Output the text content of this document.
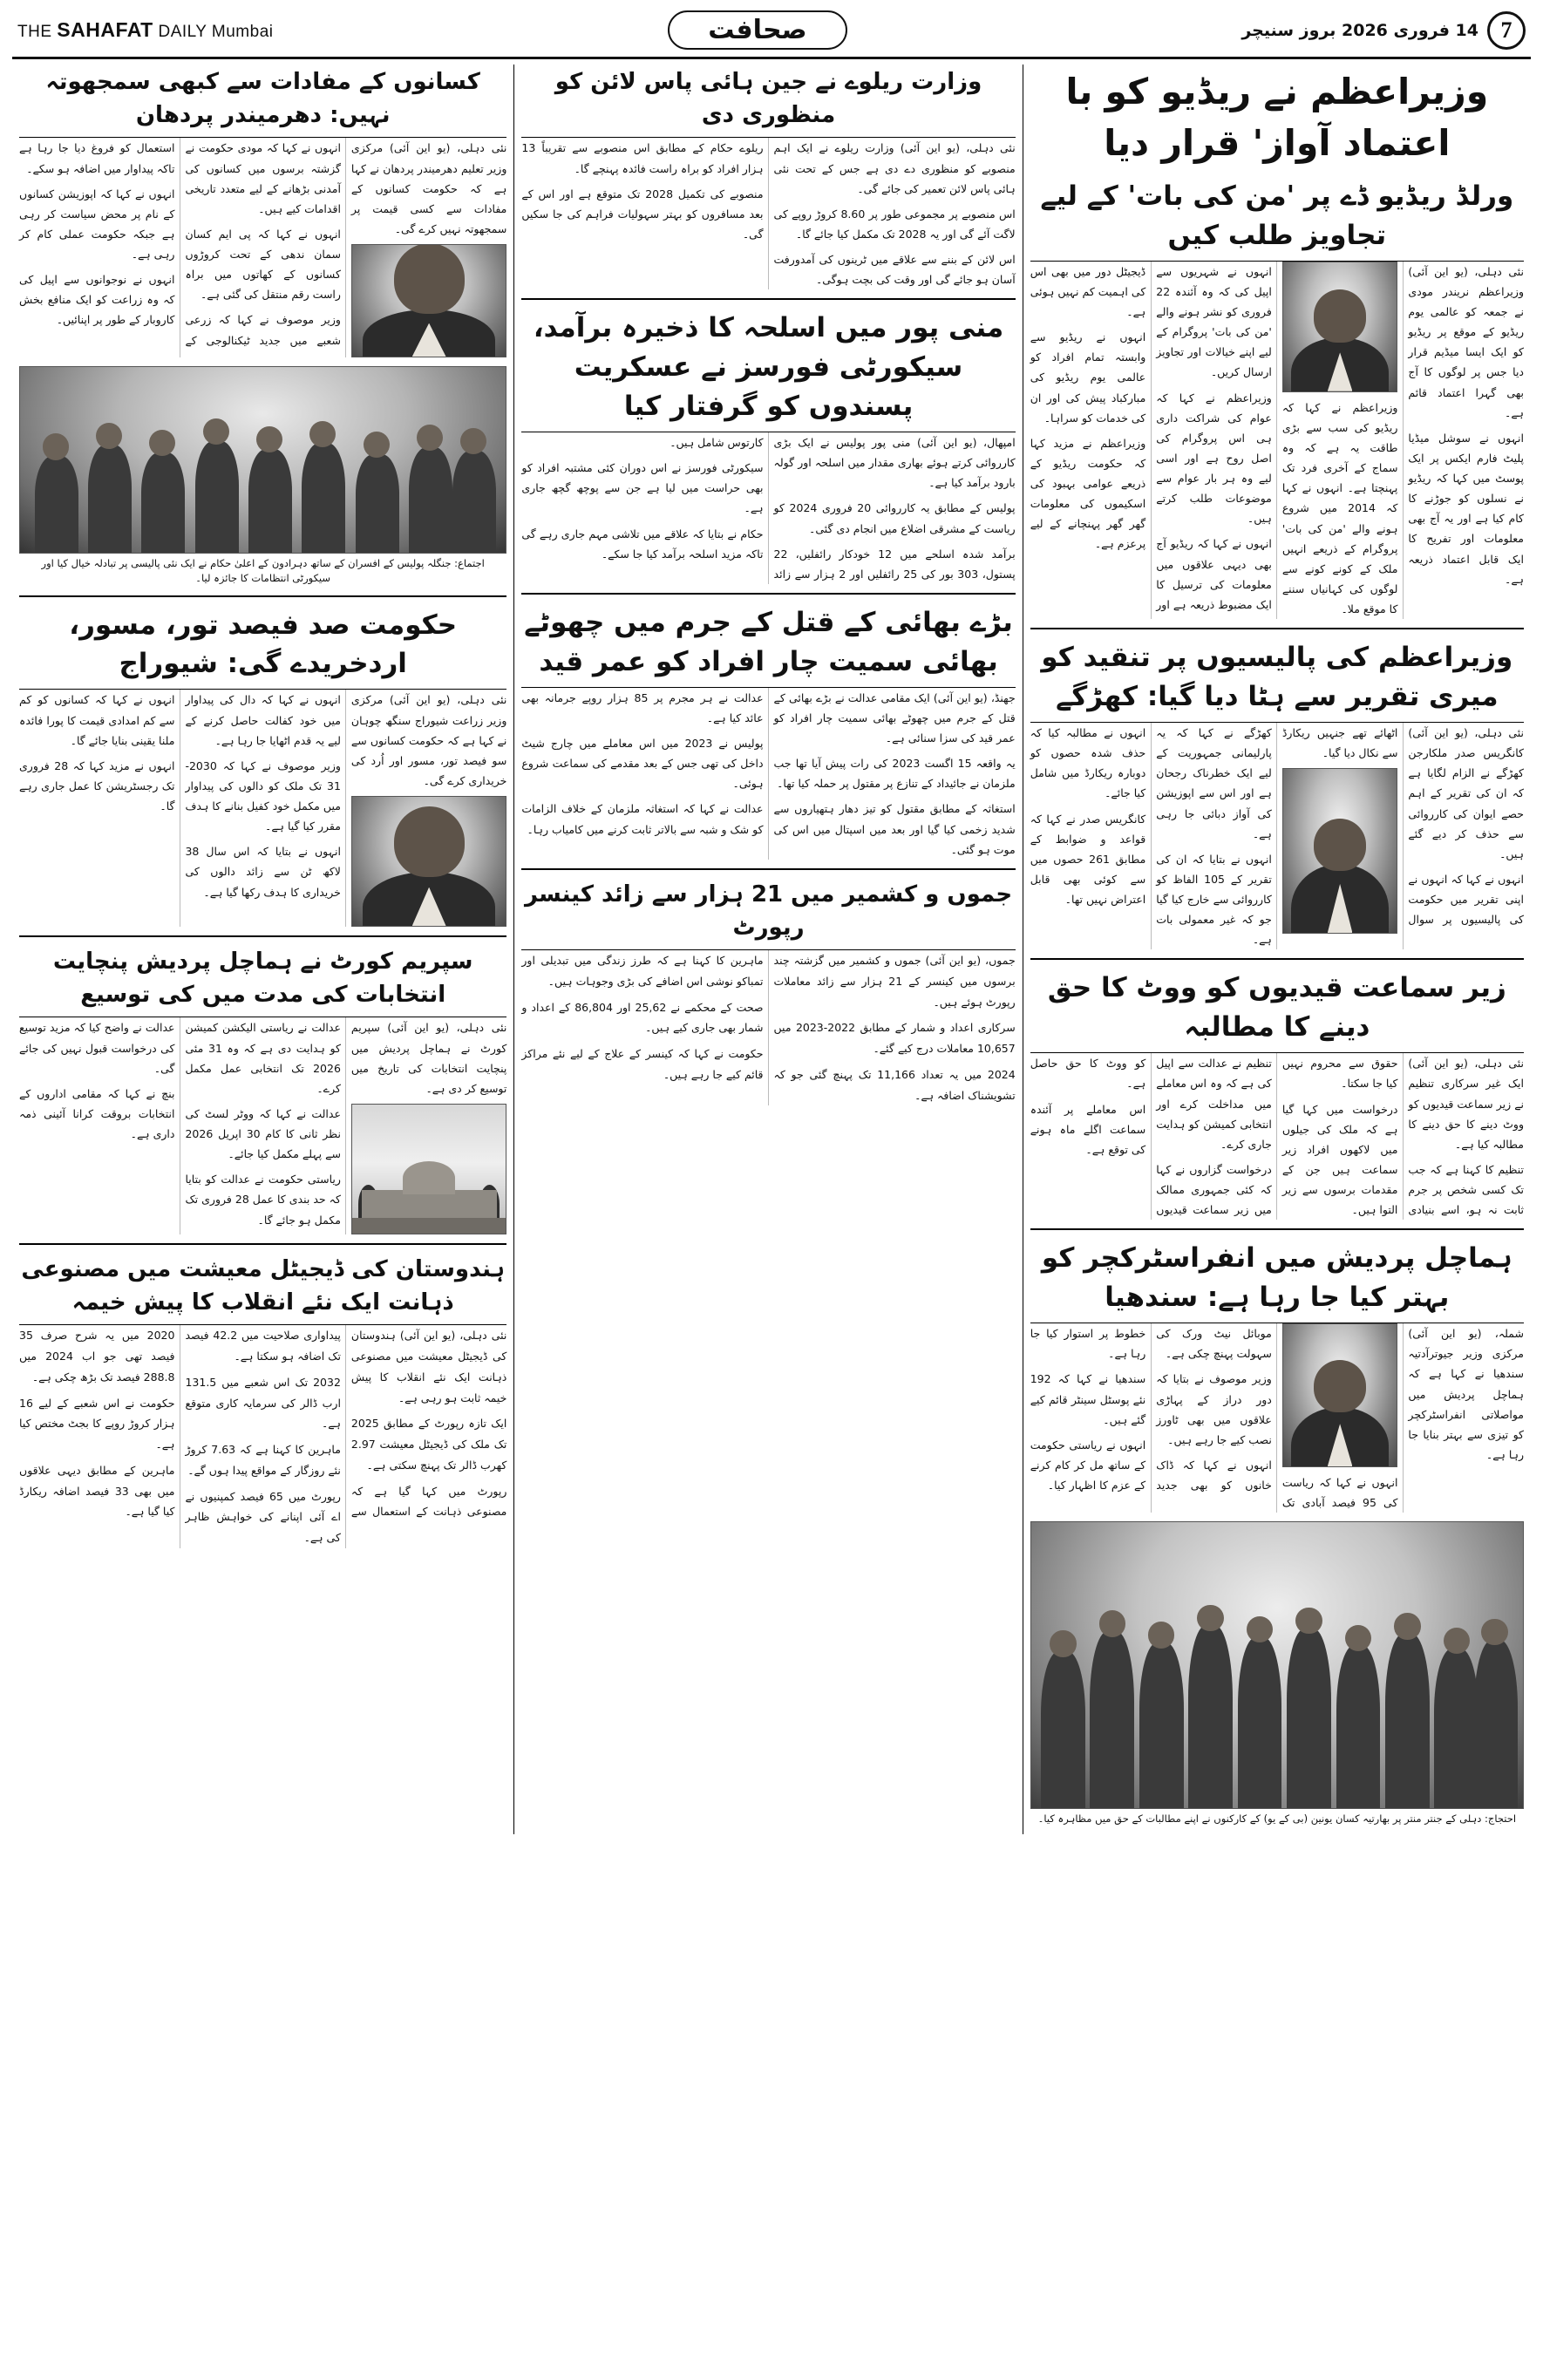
7
14 فروری 2026 بروز سنیچر
صحافت
THE SAHAFAT DAILY Mumbai
وزیراعظم نے ریڈیو کو با اعتماد آواز' قرار دیا
ورلڈ ریڈیو ڈے پر 'من کی بات' کے لیے تجاویز طلب کیں

نئی دہلی، (یو این آئی) وزیراعظم نریندر مودی نے جمعہ کو عالمی یوم ریڈیو کے موقع پر ریڈیو کو ایک ایسا میڈیم قرار دیا جس پر لوگوں کا آج بھی گہرا اعتماد قائم ہے۔

انہوں نے سوشل میڈیا پلیٹ فارم ایکس پر ایک پوسٹ میں کہا کہ ریڈیو نے نسلوں کو جوڑنے کا کام کیا ہے اور یہ آج بھی معلومات اور تفریح کا ایک قابل اعتماد ذریعہ ہے۔

وزیراعظم نے کہا کہ ریڈیو کی سب سے بڑی طاقت یہ ہے کہ وہ سماج کے آخری فرد تک پہنچتا ہے۔ انہوں نے کہا کہ 2014 میں شروع ہونے والے 'من کی بات' پروگرام کے ذریعے انہیں ملک کے کونے کونے سے لوگوں کی کہانیاں سننے کا موقع ملا۔

انہوں نے شہریوں سے اپیل کی کہ وہ آئندہ 22 فروری کو نشر ہونے والے 'من کی بات' پروگرام کے لیے اپنے خیالات اور تجاویز ارسال کریں۔

وزیراعظم نے کہا کہ عوام کی شراکت داری ہی اس پروگرام کی اصل روح ہے اور اسی لیے وہ ہر بار عوام سے موضوعات طلب کرتے ہیں۔

انہوں نے کہا کہ ریڈیو آج بھی دیہی علاقوں میں معلومات کی ترسیل کا ایک مضبوط ذریعہ ہے اور ڈیجیٹل دور میں بھی اس کی اہمیت کم نہیں ہوئی ہے۔

انہوں نے ریڈیو سے وابستہ تمام افراد کو عالمی یوم ریڈیو کی مبارکباد پیش کی اور ان کی خدمات کو سراہا۔

وزیراعظم نے مزید کہا کہ حکومت ریڈیو کے ذریعے عوامی بہبود کی اسکیموں کی معلومات گھر گھر پہنچانے کے لیے پرعزم ہے۔

وزیراعظم کی پالیسیوں پر تنقید کو میری تقریر سے ہٹا دیا گیا: کھڑگے

نئی دہلی، (یو این آئی) کانگریس صدر ملکارجن کھڑگے نے الزام لگایا ہے کہ ان کی تقریر کے اہم حصے ایوان کی کارروائی سے حذف کر دیے گئے ہیں۔

انہوں نے کہا کہ انہوں نے اپنی تقریر میں حکومت کی پالیسیوں پر سوال اٹھائے تھے جنہیں ریکارڈ سے نکال دیا گیا۔

کھڑگے نے کہا کہ یہ پارلیمانی جمہوریت کے لیے ایک خطرناک رجحان ہے اور اس سے اپوزیشن کی آواز دبائی جا رہی ہے۔

انہوں نے بتایا کہ ان کی تقریر کے 105 الفاظ کو کارروائی سے خارج کیا گیا جو کہ غیر معمولی بات ہے۔

انہوں نے مطالبہ کیا کہ حذف شدہ حصوں کو دوبارہ ریکارڈ میں شامل کیا جائے۔

کانگریس صدر نے کہا کہ قواعد و ضوابط کے مطابق 261 حصوں میں سے کوئی بھی قابل اعتراض نہیں تھا۔

زیر سماعت قیدیوں کو ووٹ کا حق دینے کا مطالبہ

نئی دہلی، (یو این آئی) ایک غیر سرکاری تنظیم نے زیر سماعت قیدیوں کو ووٹ دینے کا حق دینے کا مطالبہ کیا ہے۔

تنظیم کا کہنا ہے کہ جب تک کسی شخص پر جرم ثابت نہ ہو، اسے بنیادی حقوق سے محروم نہیں کیا جا سکتا۔

درخواست میں کہا گیا ہے کہ ملک کی جیلوں میں لاکھوں افراد زیر سماعت ہیں جن کے مقدمات برسوں سے زیر التوا ہیں۔

تنظیم نے عدالت سے اپیل کی ہے کہ وہ اس معاملے میں مداخلت کرے اور انتخابی کمیشن کو ہدایت جاری کرے۔

درخواست گزاروں نے کہا کہ کئی جمہوری ممالک میں زیر سماعت قیدیوں کو ووٹ کا حق حاصل ہے۔

اس معاملے پر آئندہ سماعت اگلے ماہ ہونے کی توقع ہے۔

ہماچل پردیش میں انفراسٹرکچر کو بہتر کیا جا رہا ہے: سندھیا

شملہ، (یو این آئی) مرکزی وزیر جیوترآدتیہ سندھیا نے کہا ہے کہ ہماچل پردیش میں مواصلاتی انفراسٹرکچر کو تیزی سے بہتر بنایا جا رہا ہے۔

انہوں نے کہا کہ ریاست کی 95 فیصد آبادی تک موبائل نیٹ ورک کی سہولت پہنچ چکی ہے۔

وزیر موصوف نے بتایا کہ دور دراز کے پہاڑی علاقوں میں بھی ٹاورز نصب کیے جا رہے ہیں۔

انہوں نے کہا کہ ڈاک خانوں کو بھی جدید خطوط پر استوار کیا جا رہا ہے۔

سندھیا نے کہا کہ 192 نئے پوسٹل سینٹر قائم کیے گئے ہیں۔

انہوں نے ریاستی حکومت کے ساتھ مل کر کام کرنے کے عزم کا اظہار کیا۔

احتجاج: دہلی کے جنتر منتر پر بھارتیہ کسان یونین (بی کے یو) کے کارکنوں نے اپنے مطالبات کے حق میں مظاہرہ کیا۔
وزارت ریلوے نے جین ہائی پاس لائن کو منظوری دی

نئی دہلی، (یو این آئی) وزارت ریلوے نے ایک اہم منصوبے کو منظوری دے دی ہے جس کے تحت نئی ہائی پاس لائن تعمیر کی جائے گی۔

اس منصوبے پر مجموعی طور پر 8.60 کروڑ روپے کی لاگت آئے گی اور یہ 2028 تک مکمل کیا جائے گا۔

اس لائن کے بننے سے علاقے میں ٹرینوں کی آمدورفت آسان ہو جائے گی اور وقت کی بچت ہوگی۔

ریلوے حکام کے مطابق اس منصوبے سے تقریباً 13 ہزار افراد کو براہ راست فائدہ پہنچے گا۔

منصوبے کی تکمیل 2028 تک متوقع ہے اور اس کے بعد مسافروں کو بہتر سہولیات فراہم کی جا سکیں گی۔

منی پور میں اسلحہ کا ذخیرہ برآمد، سیکورٹی فورسز نے عسکریت پسندوں کو گرفتار کیا

امپھال، (یو این آئی) منی پور پولیس نے ایک بڑی کارروائی کرتے ہوئے بھاری مقدار میں اسلحہ اور گولہ بارود برآمد کیا ہے۔

پولیس کے مطابق یہ کارروائی 20 فروری 2024 کو ریاست کے مشرقی اضلاع میں انجام دی گئی۔

برآمد شدہ اسلحے میں 12 خودکار رائفلیں، 22 پستول، 303 بور کی 25 رائفلیں اور 2 ہزار سے زائد کارتوس شامل ہیں۔

سیکورٹی فورسز نے اس دوران کئی مشتبہ افراد کو بھی حراست میں لیا ہے جن سے پوچھ گچھ جاری ہے۔

حکام نے بتایا کہ علاقے میں تلاشی مہم جاری رہے گی تاکہ مزید اسلحہ برآمد کیا جا سکے۔

بڑے بھائی کے قتل کے جرم میں چھوٹے بھائی سمیت چار افراد کو عمر قید

جھنڈ، (یو این آئی) ایک مقامی عدالت نے بڑے بھائی کے قتل کے جرم میں چھوٹے بھائی سمیت چار افراد کو عمر قید کی سزا سنائی ہے۔

یہ واقعہ 15 اگست 2023 کی رات پیش آیا تھا جب ملزمان نے جائیداد کے تنازع پر مقتول پر حملہ کیا تھا۔

استغاثہ کے مطابق مقتول کو تیز دھار ہتھیاروں سے شدید زخمی کیا گیا اور بعد میں اسپتال میں اس کی موت ہو گئی۔

عدالت نے ہر مجرم پر 85 ہزار روپے جرمانہ بھی عائد کیا ہے۔

پولیس نے 2023 میں اس معاملے میں چارج شیٹ داخل کی تھی جس کے بعد مقدمے کی سماعت شروع ہوئی۔

عدالت نے کہا کہ استغاثہ ملزمان کے خلاف الزامات کو شک و شبہ سے بالاتر ثابت کرنے میں کامیاب رہا۔

جموں و کشمیر میں 21 ہزار سے زائد کینسر رپورٹ

جموں، (یو این آئی) جموں و کشمیر میں گزشتہ چند برسوں میں کینسر کے 21 ہزار سے زائد معاملات رپورٹ ہوئے ہیں۔

سرکاری اعداد و شمار کے مطابق 2022-2023 میں 10,657 معاملات درج کیے گئے۔

2024 میں یہ تعداد 11,166 تک پہنچ گئی جو کہ تشویشناک اضافہ ہے۔

ماہرین کا کہنا ہے کہ طرز زندگی میں تبدیلی اور تمباکو نوشی اس اضافے کی بڑی وجوہات ہیں۔

صحت کے محکمے نے 25,62 اور 86,804 کے اعداد و شمار بھی جاری کیے ہیں۔

حکومت نے کہا کہ کینسر کے علاج کے لیے نئے مراکز قائم کیے جا رہے ہیں۔

کسانوں کے مفادات سے کبھی سمجھوتہ نہیں: دھرمیندر پردھان

نئی دہلی، (یو این آئی) مرکزی وزیر تعلیم دھرمیندر پردھان نے کہا ہے کہ حکومت کسانوں کے مفادات سے کسی قیمت پر سمجھوتہ نہیں کرے گی۔

انہوں نے کہا کہ مودی حکومت نے گزشتہ برسوں میں کسانوں کی آمدنی بڑھانے کے لیے متعدد تاریخی اقدامات کیے ہیں۔

انہوں نے کہا کہ پی ایم کسان سمان ندھی کے تحت کروڑوں کسانوں کے کھاتوں میں براہ راست رقم منتقل کی گئی ہے۔

وزیر موصوف نے کہا کہ زرعی شعبے میں جدید ٹیکنالوجی کے استعمال کو فروغ دیا جا رہا ہے تاکہ پیداوار میں اضافہ ہو سکے۔

انہوں نے کہا کہ اپوزیشن کسانوں کے نام پر محض سیاست کر رہی ہے جبکہ حکومت عملی کام کر رہی ہے۔

انہوں نے نوجوانوں سے اپیل کی کہ وہ زراعت کو ایک منافع بخش کاروبار کے طور پر اپنائیں۔

اجتماع: جنگلہ پولیس کے افسران کے ساتھ دہرادون کے اعلیٰ حکام نے ایک نئی پالیسی پر تبادلہ خیال کیا اور سیکورٹی انتظامات کا جائزہ لیا۔
حکومت صد فیصد تور، مسور، اردخریدے گی: شیوراج

نئی دہلی، (یو این آئی) مرکزی وزیر زراعت شیوراج سنگھ چوہان نے کہا ہے کہ حکومت کسانوں سے سو فیصد تور، مسور اور اُرد کی خریداری کرے گی۔

انہوں نے کہا کہ دال کی پیداوار میں خود کفالت حاصل کرنے کے لیے یہ قدم اٹھایا جا رہا ہے۔

وزیر موصوف نے کہا کہ 2030-31 تک ملک کو دالوں کی پیداوار میں مکمل خود کفیل بنانے کا ہدف مقرر کیا گیا ہے۔

انہوں نے بتایا کہ اس سال 38 لاکھ ٹن سے زائد دالوں کی خریداری کا ہدف رکھا گیا ہے۔

انہوں نے کہا کہ کسانوں کو کم سے کم امدادی قیمت کا پورا فائدہ ملنا یقینی بنایا جائے گا۔

انہوں نے مزید کہا کہ 28 فروری تک رجسٹریشن کا عمل جاری رہے گا۔

سپریم کورٹ نے ہماچل پردیش پنچایت انتخابات کی مدت میں کی توسیع

نئی دہلی، (یو این آئی) سپریم کورٹ نے ہماچل پردیش میں پنچایت انتخابات کی تاریخ میں توسیع کر دی ہے۔

عدالت نے ریاستی الیکشن کمیشن کو ہدایت دی ہے کہ وہ 31 مئی 2026 تک انتخابی عمل مکمل کرے۔

عدالت نے کہا کہ ووٹر لسٹ کی نظر ثانی کا کام 30 اپریل 2026 سے پہلے مکمل کیا جائے۔

ریاستی حکومت نے عدالت کو بتایا کہ حد بندی کا عمل 28 فروری تک مکمل ہو جائے گا۔

عدالت نے واضح کیا کہ مزید توسیع کی درخواست قبول نہیں کی جائے گی۔

بنچ نے کہا کہ مقامی اداروں کے انتخابات بروقت کرانا آئینی ذمہ داری ہے۔

ہندوستان کی ڈیجیٹل معیشت میں مصنوعی ذہانت ایک نئے انقلاب کا پیش خیمہ

نئی دہلی، (یو این آئی) ہندوستان کی ڈیجیٹل معیشت میں مصنوعی ذہانت ایک نئے انقلاب کا پیش خیمہ ثابت ہو رہی ہے۔

ایک تازہ رپورٹ کے مطابق 2025 تک ملک کی ڈیجیٹل معیشت 2.97 کھرب ڈالر تک پہنچ سکتی ہے۔

رپورٹ میں کہا گیا ہے کہ مصنوعی ذہانت کے استعمال سے پیداواری صلاحیت میں 42.2 فیصد تک اضافہ ہو سکتا ہے۔

2032 تک اس شعبے میں 131.5 ارب ڈالر کی سرمایہ کاری متوقع ہے۔

ماہرین کا کہنا ہے کہ 7.63 کروڑ نئے روزگار کے مواقع پیدا ہوں گے۔

رپورٹ میں 65 فیصد کمپنیوں نے اے آئی اپنانے کی خواہش ظاہر کی ہے۔

2020 میں یہ شرح صرف 35 فیصد تھی جو اب 2024 میں 288.8 فیصد تک بڑھ چکی ہے۔

حکومت نے اس شعبے کے لیے 16 ہزار کروڑ روپے کا بجٹ مختص کیا ہے۔

ماہرین کے مطابق دیہی علاقوں میں بھی 33 فیصد اضافہ ریکارڈ کیا گیا ہے۔
